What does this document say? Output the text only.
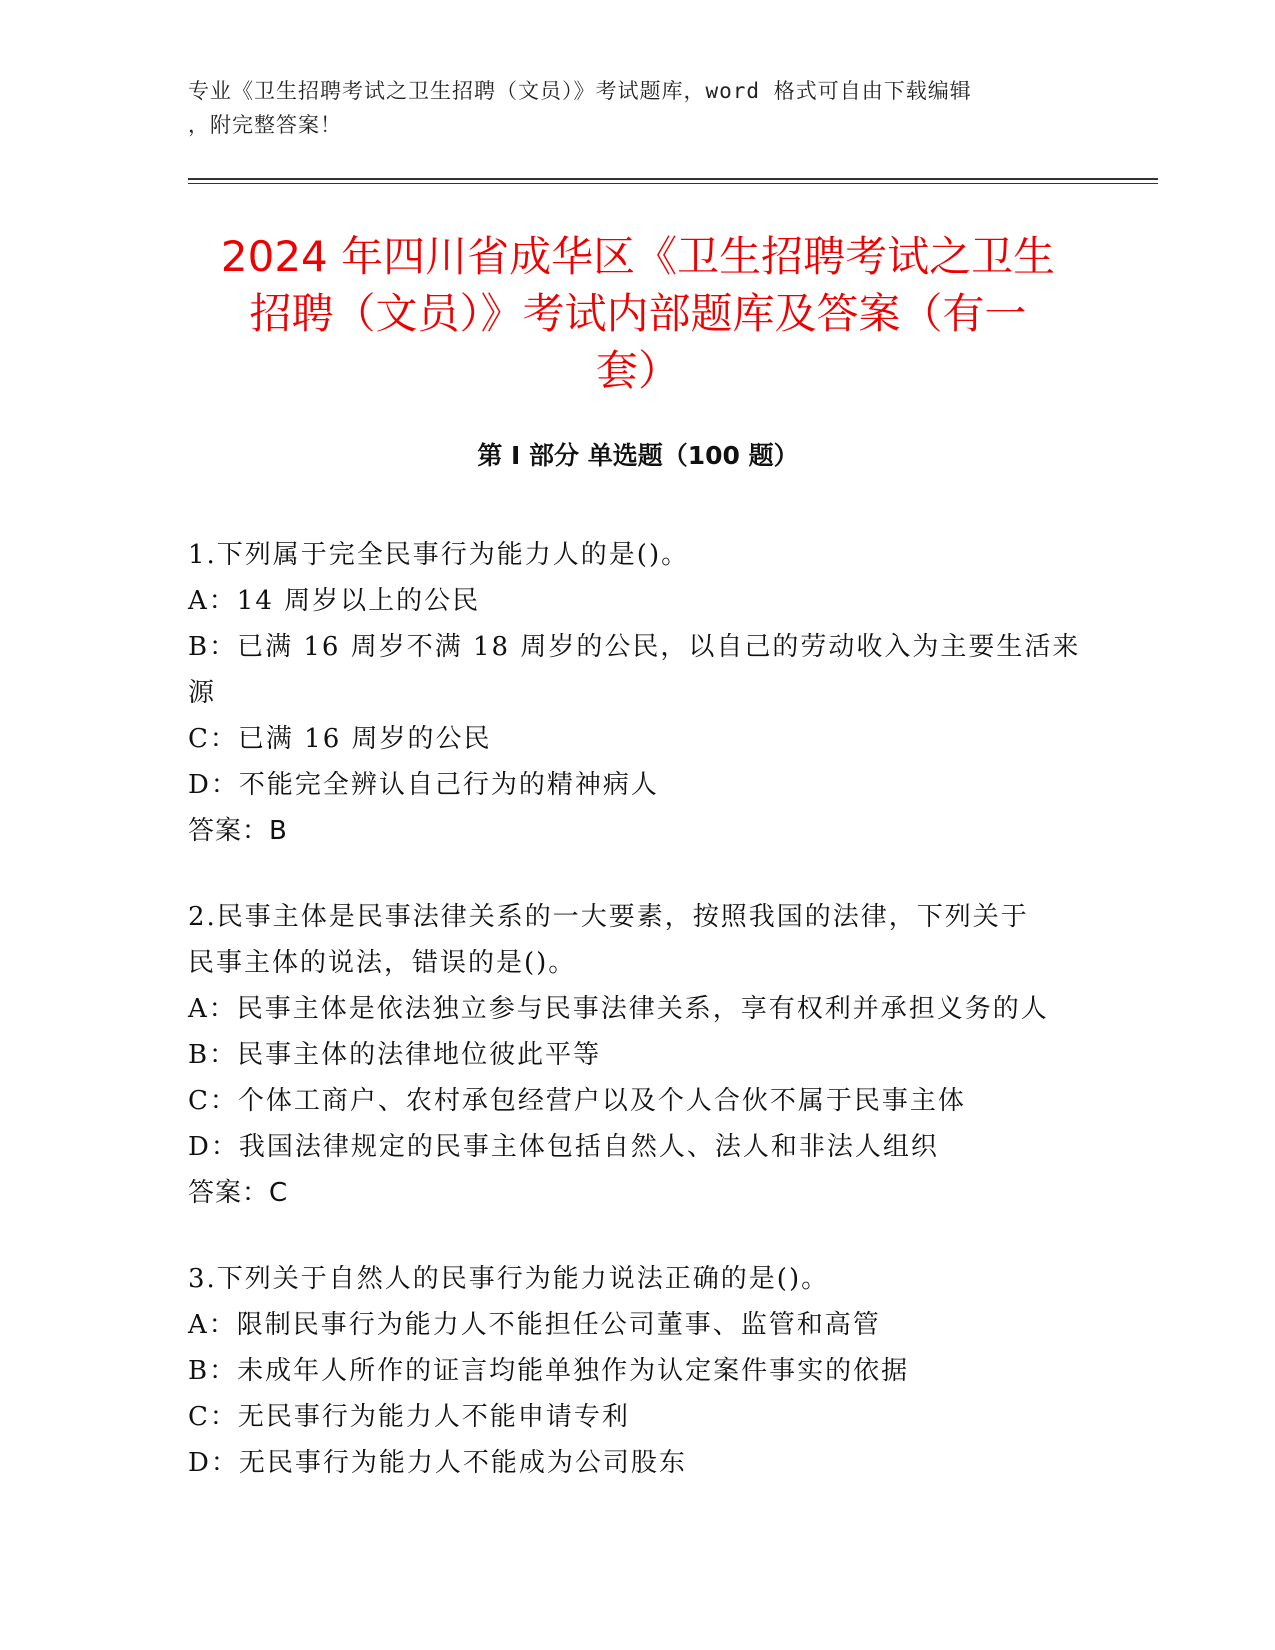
专业《卫生招聘考试之卫生招聘（文员）》考试题库，word 格式可自由下载编辑
，附完整答案！
2024 年四川省成华区《卫生招聘考试之卫生
招聘（文员）》考试内部题库及答案（有一
套）
第 I 部分 单选题（100 题）
1.下列属于完全民事行为能力人的是()。
A：14 周岁以上的公民
B：已满 16 周岁不满 18 周岁的公民，以自己的劳动收入为主要生活来
源
C：已满 16 周岁的公民
D：不能完全辨认自己行为的精神病人
答案：B
2.民事主体是民事法律关系的一大要素，按照我国的法律，下列关于
民事主体的说法，错误的是()。
A：民事主体是依法独立参与民事法律关系，享有权利并承担义务的人
B：民事主体的法律地位彼此平等
C：个体工商户、农村承包经营户以及个人合伙不属于民事主体
D：我国法律规定的民事主体包括自然人、法人和非法人组织
答案：C
3.下列关于自然人的民事行为能力说法正确的是()。
A：限制民事行为能力人不能担任公司董事、监管和高管
B：未成年人所作的证言均能单独作为认定案件事实的依据
C：无民事行为能力人不能申请专利
D：无民事行为能力人不能成为公司股东
